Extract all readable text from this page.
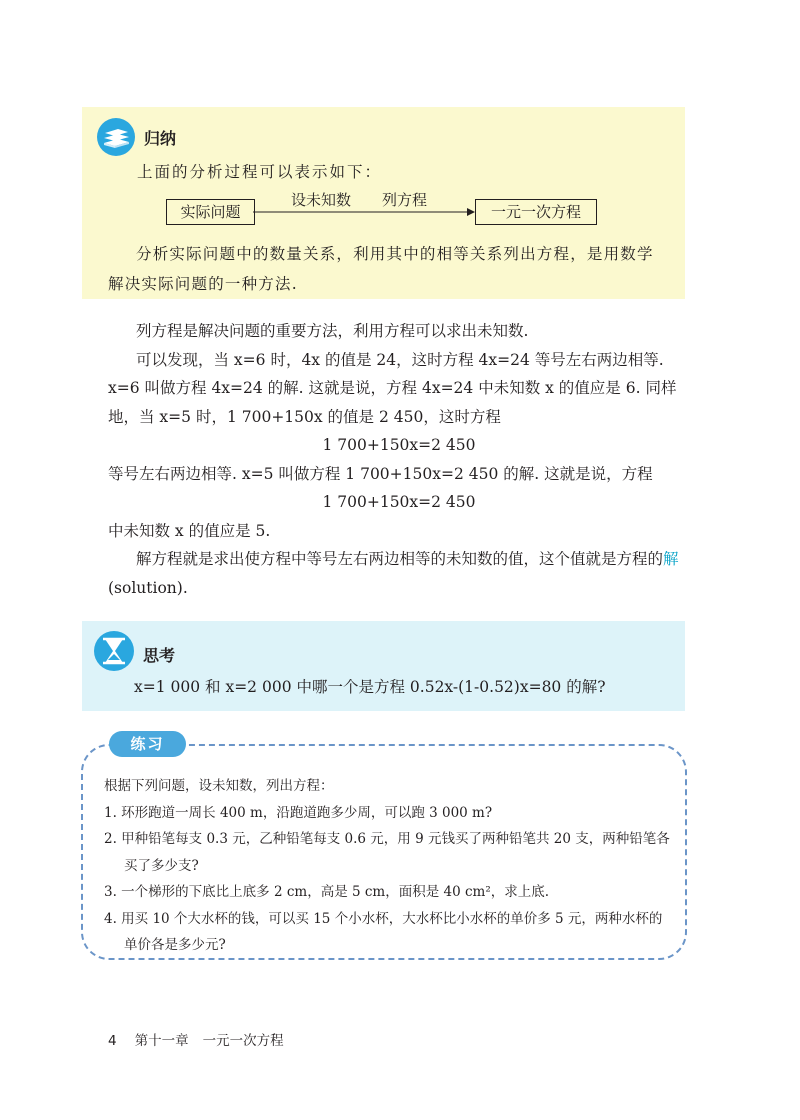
归纳
上面的分析过程可以表示如下：
实际问题
设未知数 列方程
一元一次方程
分析实际问题中的数量关系，利用其中的相等关系列出方程，是用数学解决实际问题的一种方法.

列方程是解决问题的重要方法，利用方程可以求出未知数.

可以发现，当 x=6 时，4x 的值是 24，这时方程 4x=24 等号左右两边相等. x=6 叫做方程 4x=24 的解. 这就是说，方程 4x=24 中未知数 x 的值应是 6. 同样地，当 x=5 时，1 700+150x 的值是 2 450，这时方程

1 700+150x=2 450

等号左右两边相等. x=5 叫做方程 1 700+150x=2 450 的解. 这就是说，方程

1 700+150x=2 450

中未知数 x 的值应是 5.

解方程就是求出使方程中等号左右两边相等的未知数的值，这个值就是方程的解(solution).

思考
x=1 000 和 x=2 000 中哪一个是方程 0.52x-(1-0.52)x=80 的解?
练习

根据下列问题，设未知数，列出方程：

1. 环形跑道一周长 400 m，沿跑道跑多少周，可以跑 3 000 m?

2. 甲种铅笔每支 0.3 元，乙种铅笔每支 0.6 元，用 9 元钱买了两种铅笔共 20 支，两种铅笔各买了多少支?

3. 一个梯形的下底比上底多 2 cm，高是 5 cm，面积是 40 cm²，求上底.

4. 用买 10 个大水杯的钱，可以买 15 个小水杯，大水杯比小水杯的单价多 5 元，两种水杯的单价各是多少元?

4 第十一章 一元一次方程
